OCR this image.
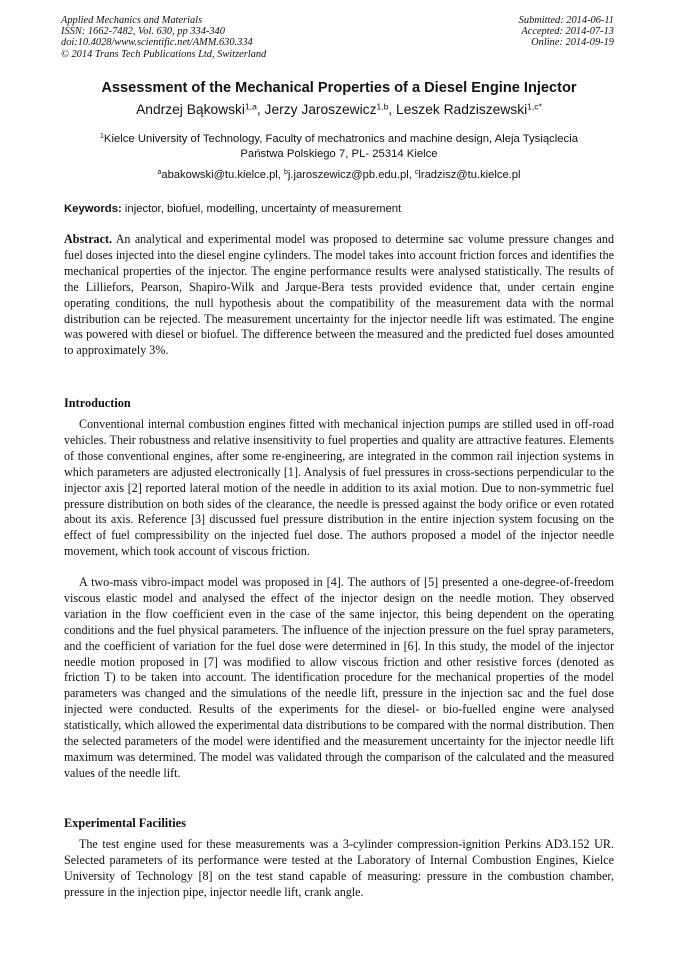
Applied Mechanics and Materials
ISSN: 1662-7482, Vol. 630, pp 334-340
doi:10.4028/www.scientific.net/AMM.630.334
© 2014 Trans Tech Publications Ltd, Switzerland
Submitted: 2014-06-11
Accepted: 2014-07-13
Online: 2014-09-19
Assessment of the Mechanical Properties of a Diesel Engine Injector
Andrzej Bąkowski$^{1,a}$, Jerzy Jaroszewicz$^{1,b}$, Leszek Radziszewski$^{1,c*}$
$^1$Kielce University of Technology, Faculty of mechatronics and machine design, Aleja Tysiąclecia
Państwa Polskiego 7, PL- 25314 Kielce
$^a$abakowski@tu.kielce.pl, $^b$j.jaroszewicz@pb.edu.pl, $^c$lradzisz@tu.kielce.pl
Keywords: injector, biofuel, modelling, uncertainty of measurement

Abstract. An analytical and experimental model was proposed to determine sac volume pressure changes and fuel doses injected into the diesel engine cylinders. The model takes into account friction forces and identifies the mechanical properties of the injector. The engine performance results were analysed statistically. The results of the Lilliefors, Pearson, Shapiro-Wilk and Jarque-Bera tests provided evidence that, under certain engine operating conditions, the null hypothesis about the compatibility of the measurement data with the normal distribution can be rejected. The measurement uncertainty for the injector needle lift was estimated. The engine was powered with diesel or biofuel. The difference between the measured and the predicted fuel doses amounted to approximately 3%.

Introduction

Conventional internal combustion engines fitted with mechanical injection pumps are stilled used in off-road vehicles. Their robustness and relative insensitivity to fuel properties and quality are attractive features. Elements of those conventional engines, after some re-engineering, are integrated in the common rail injection systems in which parameters are adjusted electronically [1]. Analysis of fuel pressures in cross-sections perpendicular to the injector axis [2] reported lateral motion of the needle in addition to its axial motion. Due to non-symmetric fuel pressure distribution on both sides of the clearance, the needle is pressed against the body orifice or even rotated about its axis. Reference [3] discussed fuel pressure distribution in the entire injection system focusing on the effect of fuel compressibility on the injected fuel dose. The authors proposed a model of the injector needle movement, which took account of viscous friction.

A two-mass vibro-impact model was proposed in [4]. The authors of [5] presented a one-degree-of-freedom viscous elastic model and analysed the effect of the injector design on the needle motion. They observed variation in the flow coefficient even in the case of the same injector, this being dependent on the operating conditions and the fuel physical parameters. The influence of the injection pressure on the fuel spray parameters, and the coefficient of variation for the fuel dose were determined in [6]. In this study, the model of the injector needle motion proposed in [7] was modified to allow viscous friction and other resistive forces (denoted as friction T) to be taken into account. The identification procedure for the mechanical properties of the model parameters was changed and the simulations of the needle lift, pressure in the injection sac and the fuel dose injected were conducted. Results of the experiments for the diesel- or bio-fuelled engine were analysed statistically, which allowed the experimental data distributions to be compared with the normal distribution. Then the selected parameters of the model were identified and the measurement uncertainty for the injector needle lift maximum was determined. The model was validated through the comparison of the calculated and the measured values of the needle lift.

Experimental Facilities

The test engine used for these measurements was a 3-cylinder compression-ignition Perkins AD3.152 UR. Selected parameters of its performance were tested at the Laboratory of Internal Combustion Engines, Kielce University of Technology [8] on the test stand capable of measuring: pressure in the combustion chamber, pressure in the injection pipe, injector needle lift, crank angle.
